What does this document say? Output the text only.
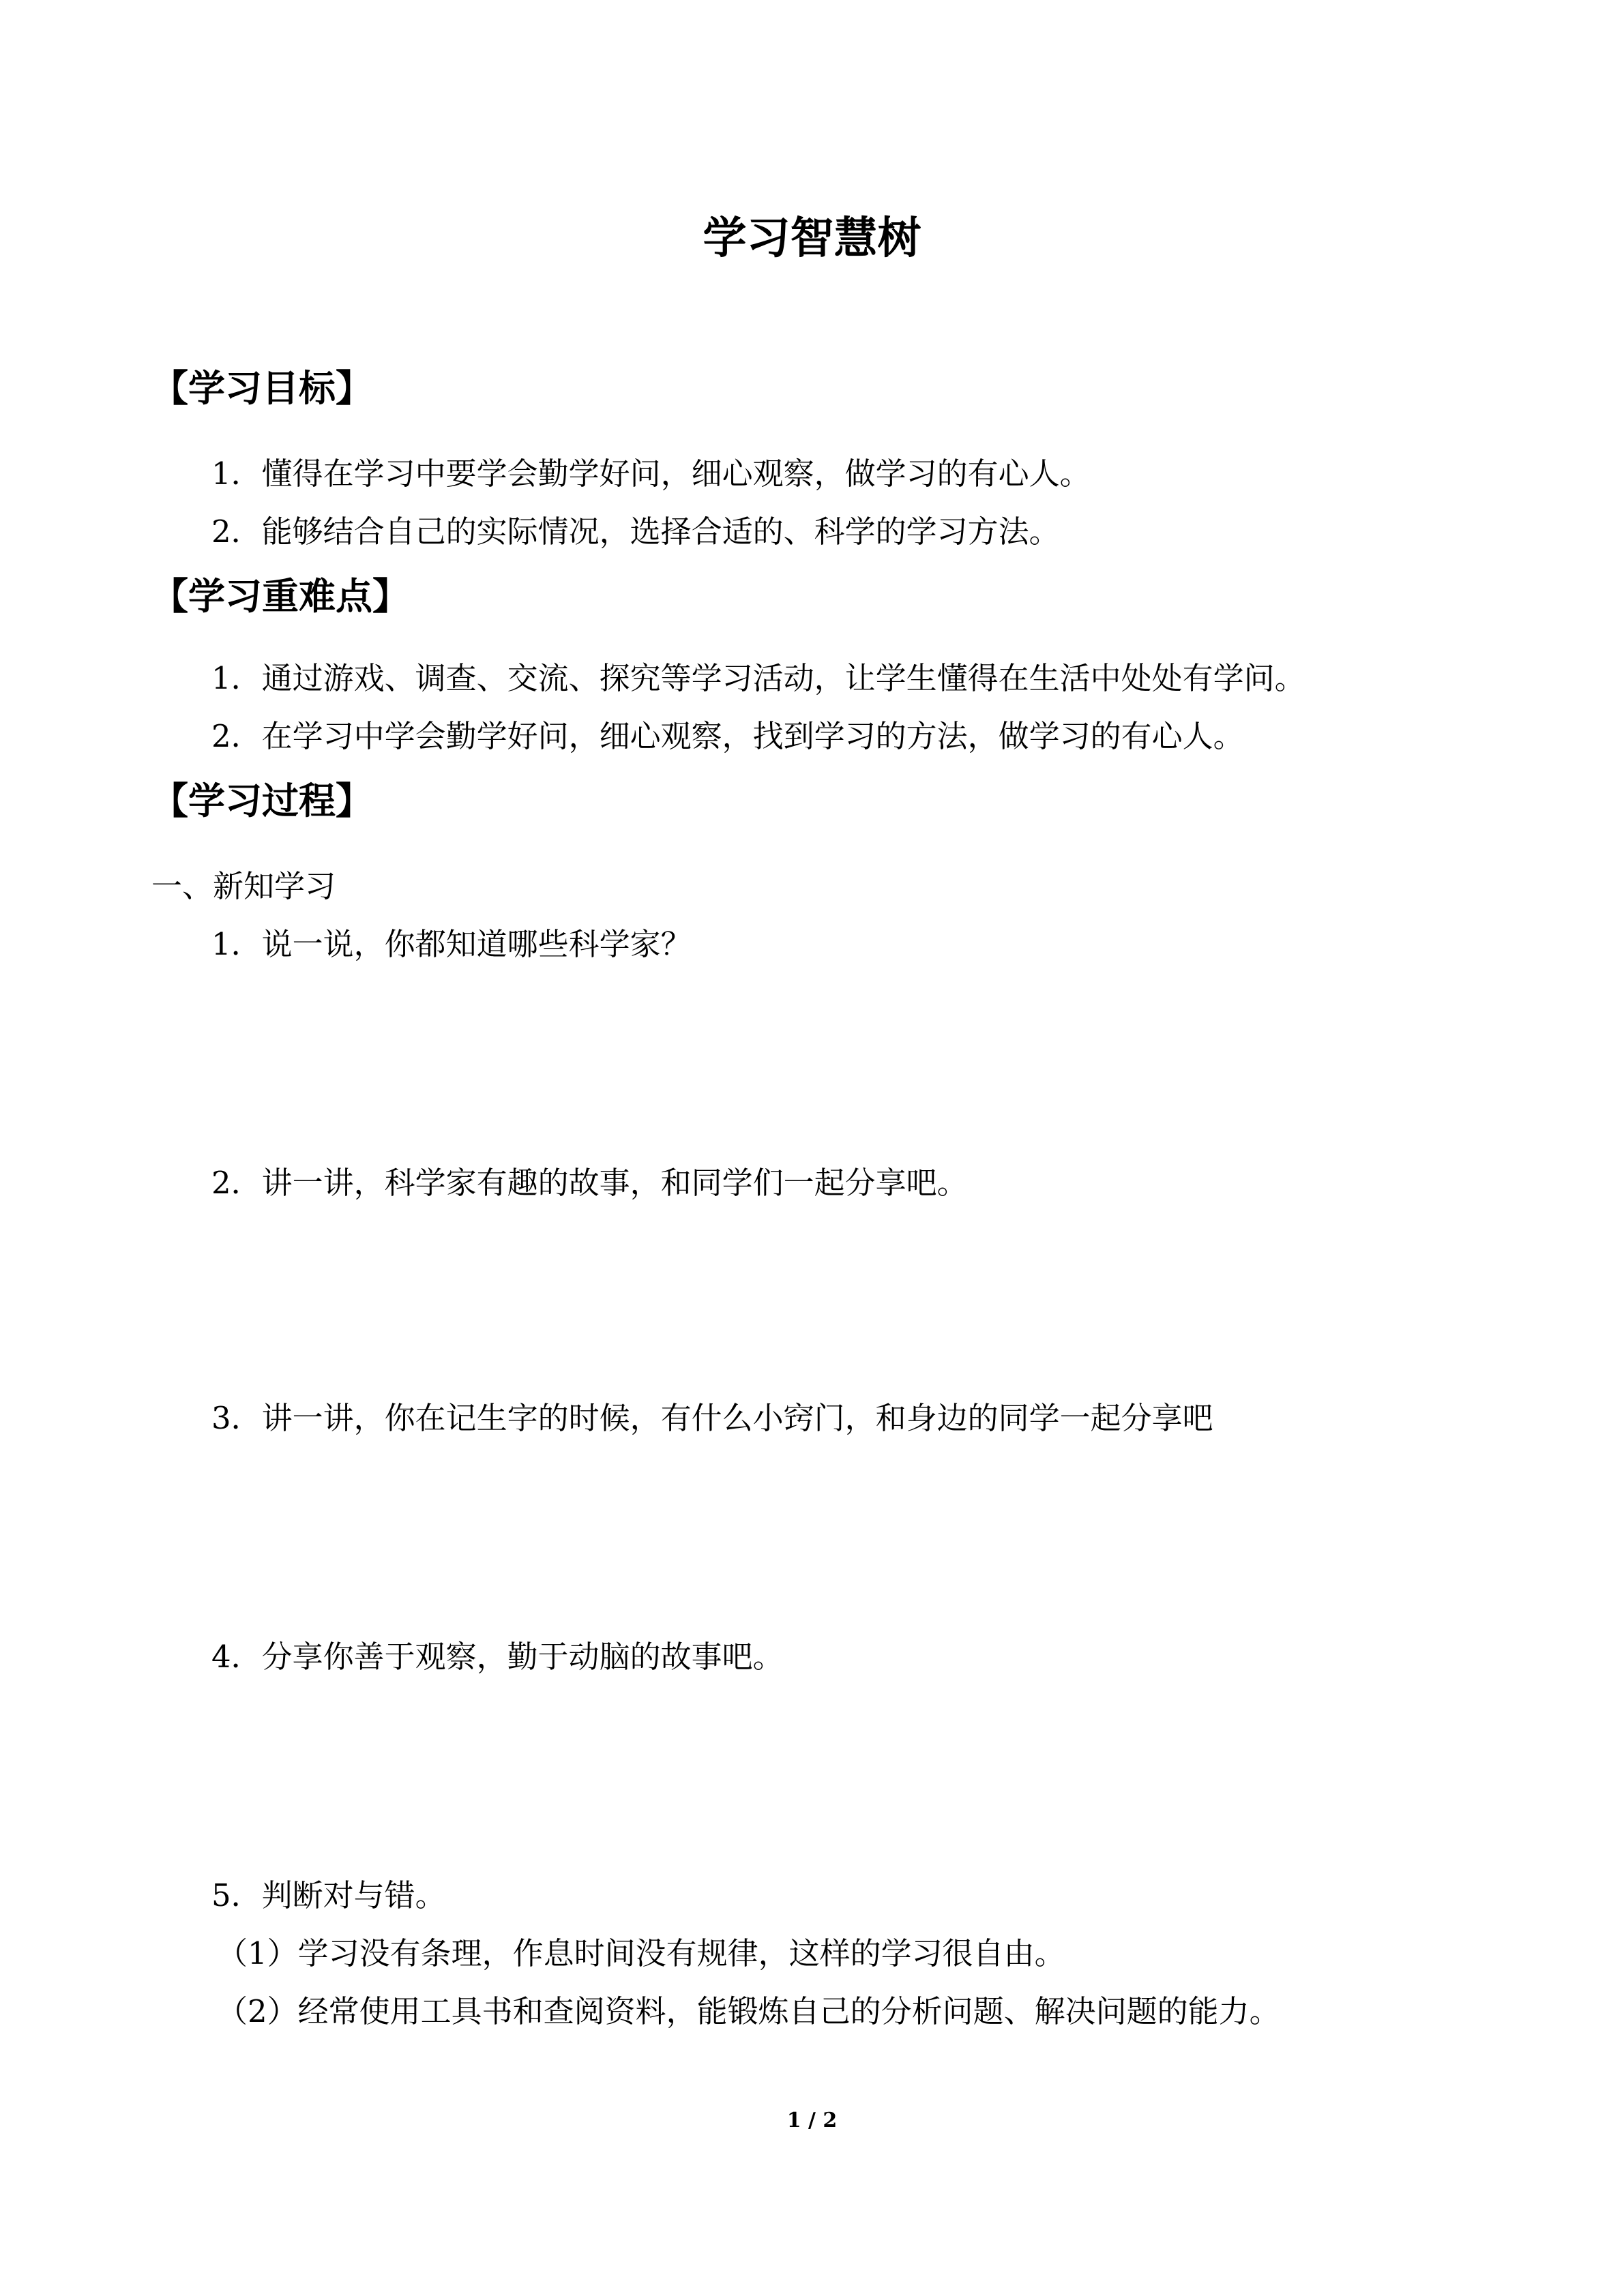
学习智慧树
【学习目标】
1．懂得在学习中要学会勤学好问，细心观察，做学习的有心人。
2．能够结合自己的实际情况，选择合适的、科学的学习方法。
【学习重难点】
1．通过游戏、调查、交流、探究等学习活动，让学生懂得在生活中处处有学问。
2．在学习中学会勤学好问，细心观察，找到学习的方法，做学习的有心人。
【学习过程】
一、新知学习
1．说一说，你都知道哪些科学家？
2．讲一讲，科学家有趣的故事，和同学们一起分享吧。
3．讲一讲，你在记生字的时候，有什么小窍门，和身边的同学一起分享吧
4．分享你善于观察，勤于动脑的故事吧。
5．判断对与错。
（1）学习没有条理，作息时间没有规律，这样的学习很自由。
（2）经常使用工具书和查阅资料，能锻炼自己的分析问题、解决问题的能力。
1 / 2
